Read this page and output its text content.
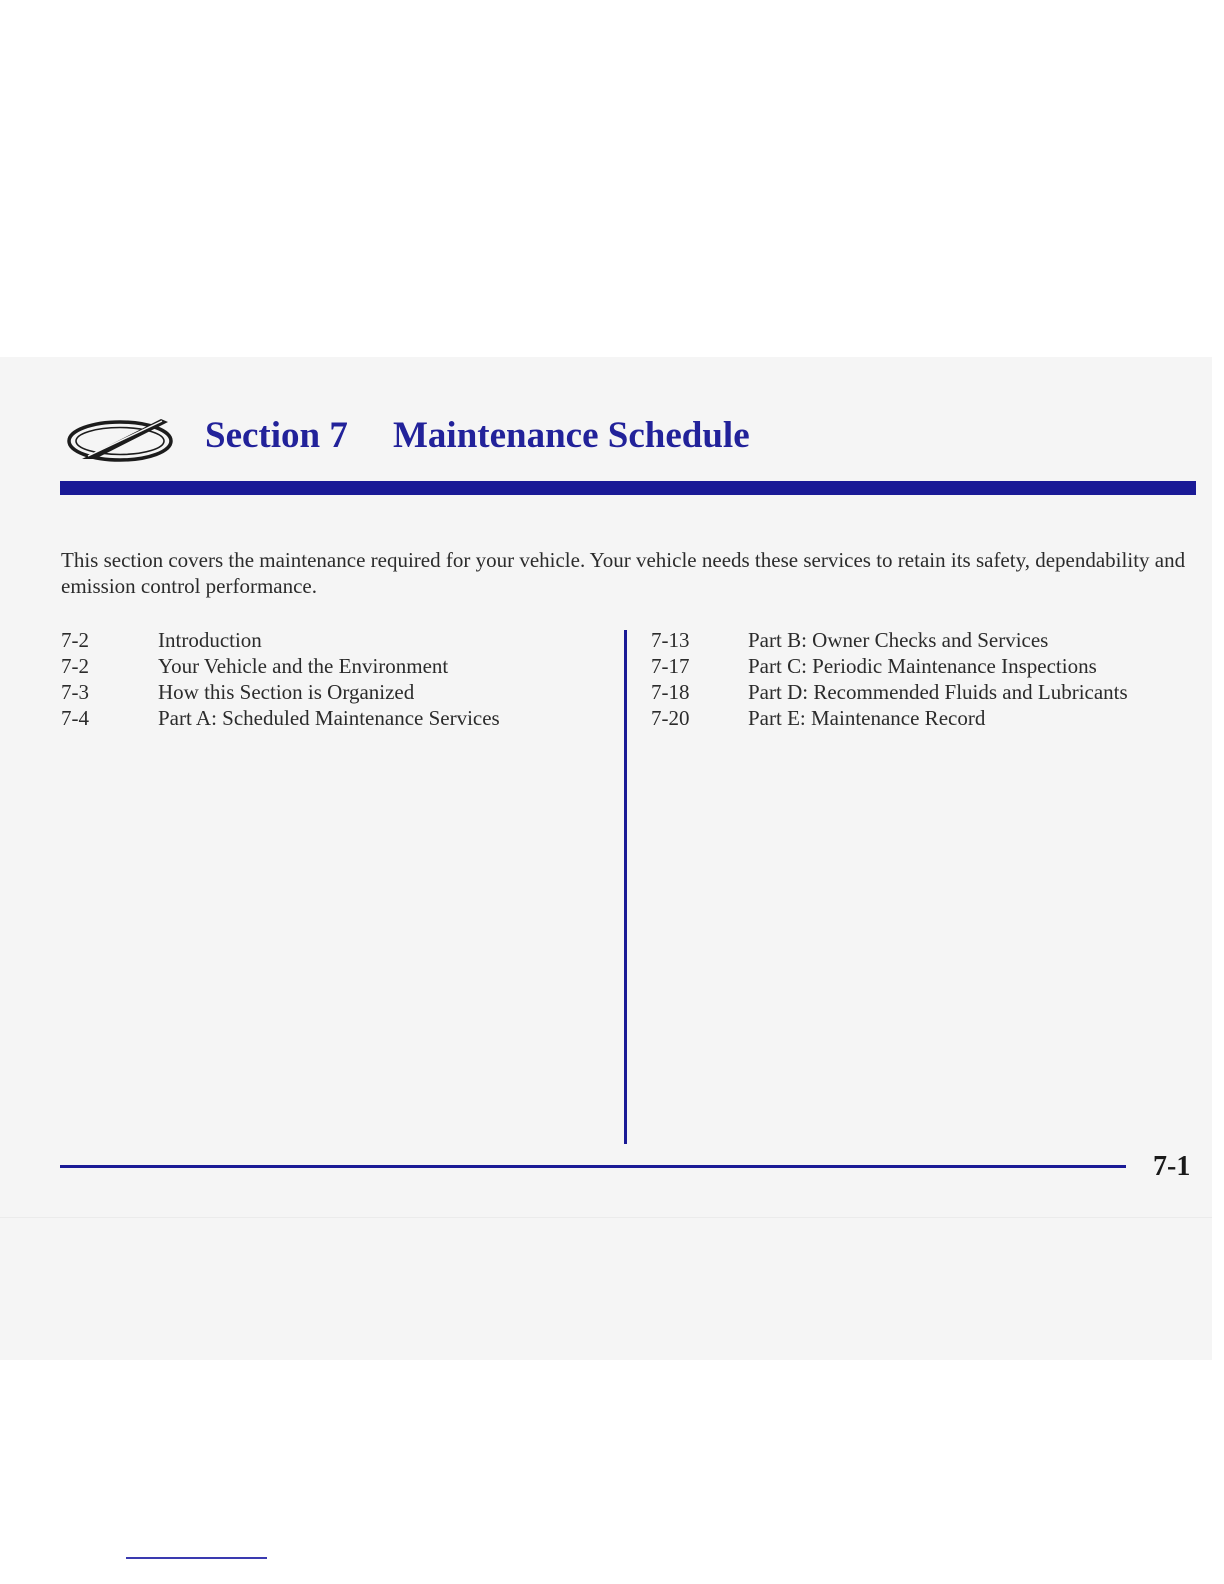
Section 7 Maintenance Schedule

This section covers the maintenance required for your vehicle. Your vehicle needs these services to retain its safety, dependability and emission control performance.

7-2	Introduction
7-2	Your Vehicle and the Environment
7-3	How this Section is Organized
7-4	Part A: Scheduled Maintenance Services
7-13	Part B: Owner Checks and Services
7-17	Part C: Periodic Maintenance Inspections
7-18	Part D: Recommended Fluids and Lubricants
7-20	Part E: Maintenance Record

7-1
